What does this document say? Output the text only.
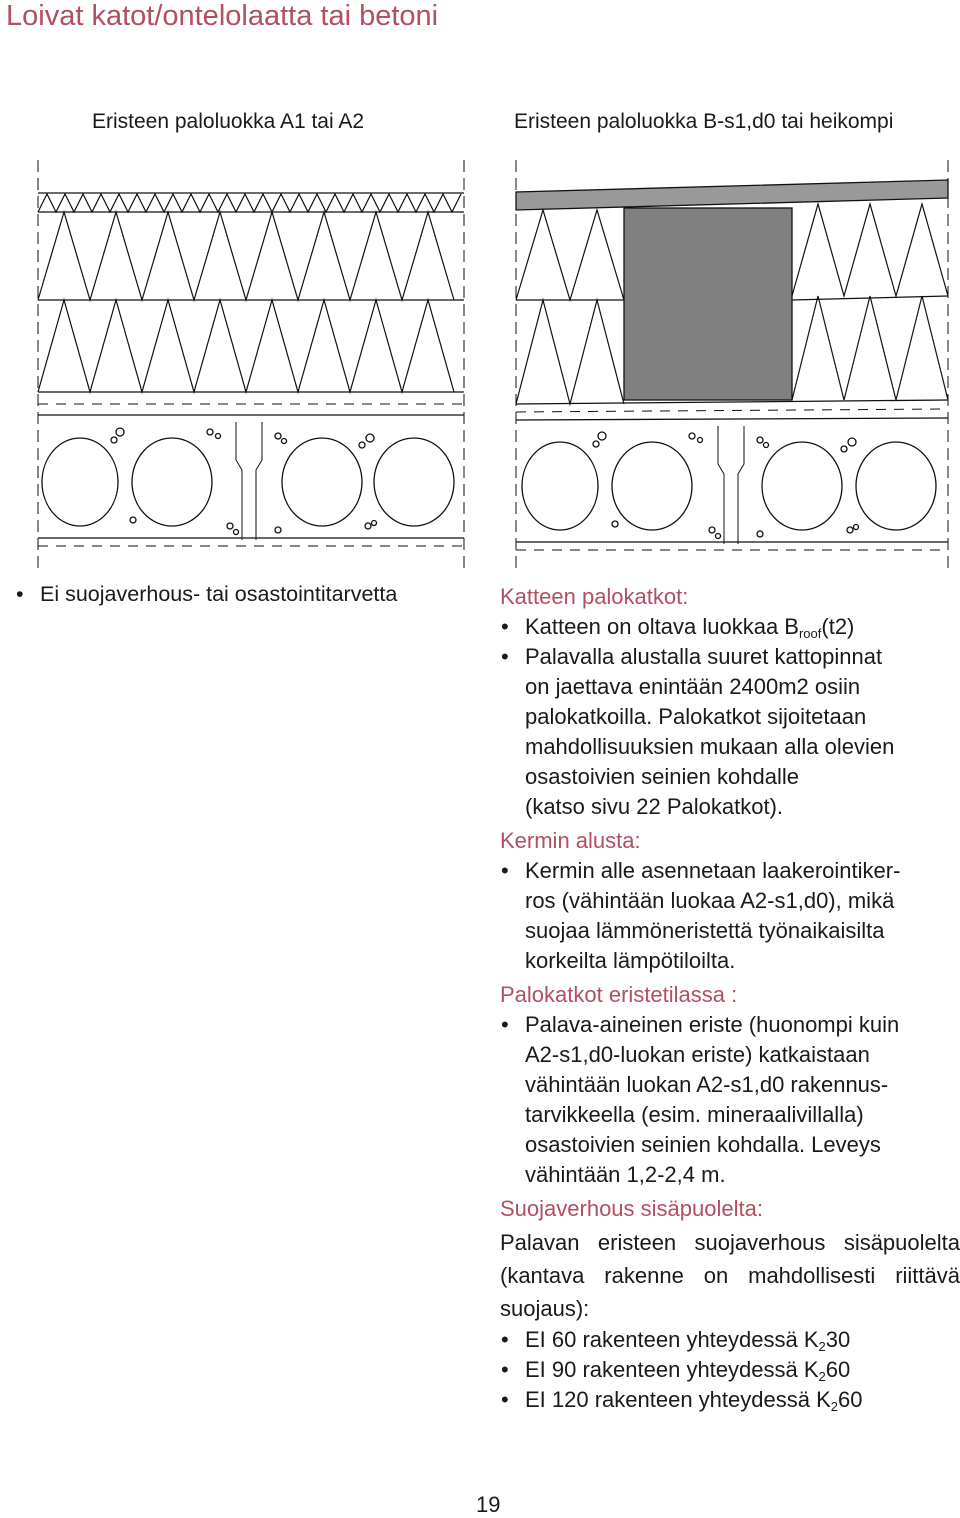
Loivat katot/ontelolaatta tai betoni
Eristeen paloluokka A1 tai A2	Eristeen paloluokka B-s1,d0 tai heikompi
• Ei suojaverhous- tai osastointitarvetta	Katteen palokatkot:
• Katteen on oltava luokkaa $B_{roof}(t2)$
• Palavalla alustalla suuret kattopinnat
on jaettava enintään 2400m2 osiin
palokatkoilla. Palokatkot sijoitetaan
mahdollisuuksien mukaan alla olevien
osastoivien seinien kohdalle
(katso sivu 22 Palokatkot).
Kermin alusta:
• Kermin alle asennetaan laakerointiker-
ros (vähintään luokaa A2-s1,d0), mikä
suojaa lämmöneristettä työnaikaisilta
korkeilta lämpötiloilta.
Palokatkot eristetilassa :
• Palava-aineinen eriste (huonompi kuin
A2-s1,d0-luokan eriste) katkaistaan
vähintään luokan A2-s1,d0 rakennus-
tarvikkeella (esim. mineraalivillalla)
osastoivien seinien kohdalla. Leveys
vähintään 1,2-2,4 m.
Suojaverhous sisäpuolelta:

Palavan eristeen suojaverhous sisäpuolelta (kantava rakenne on mahdollisesti riittävä suojaus):

• EI 60 rakenteen yhteydessä $K_230$
• EI 90 rakenteen yhteydessä $K_260$
• EI 120 rakenteen yhteydessä $K_260$
19
